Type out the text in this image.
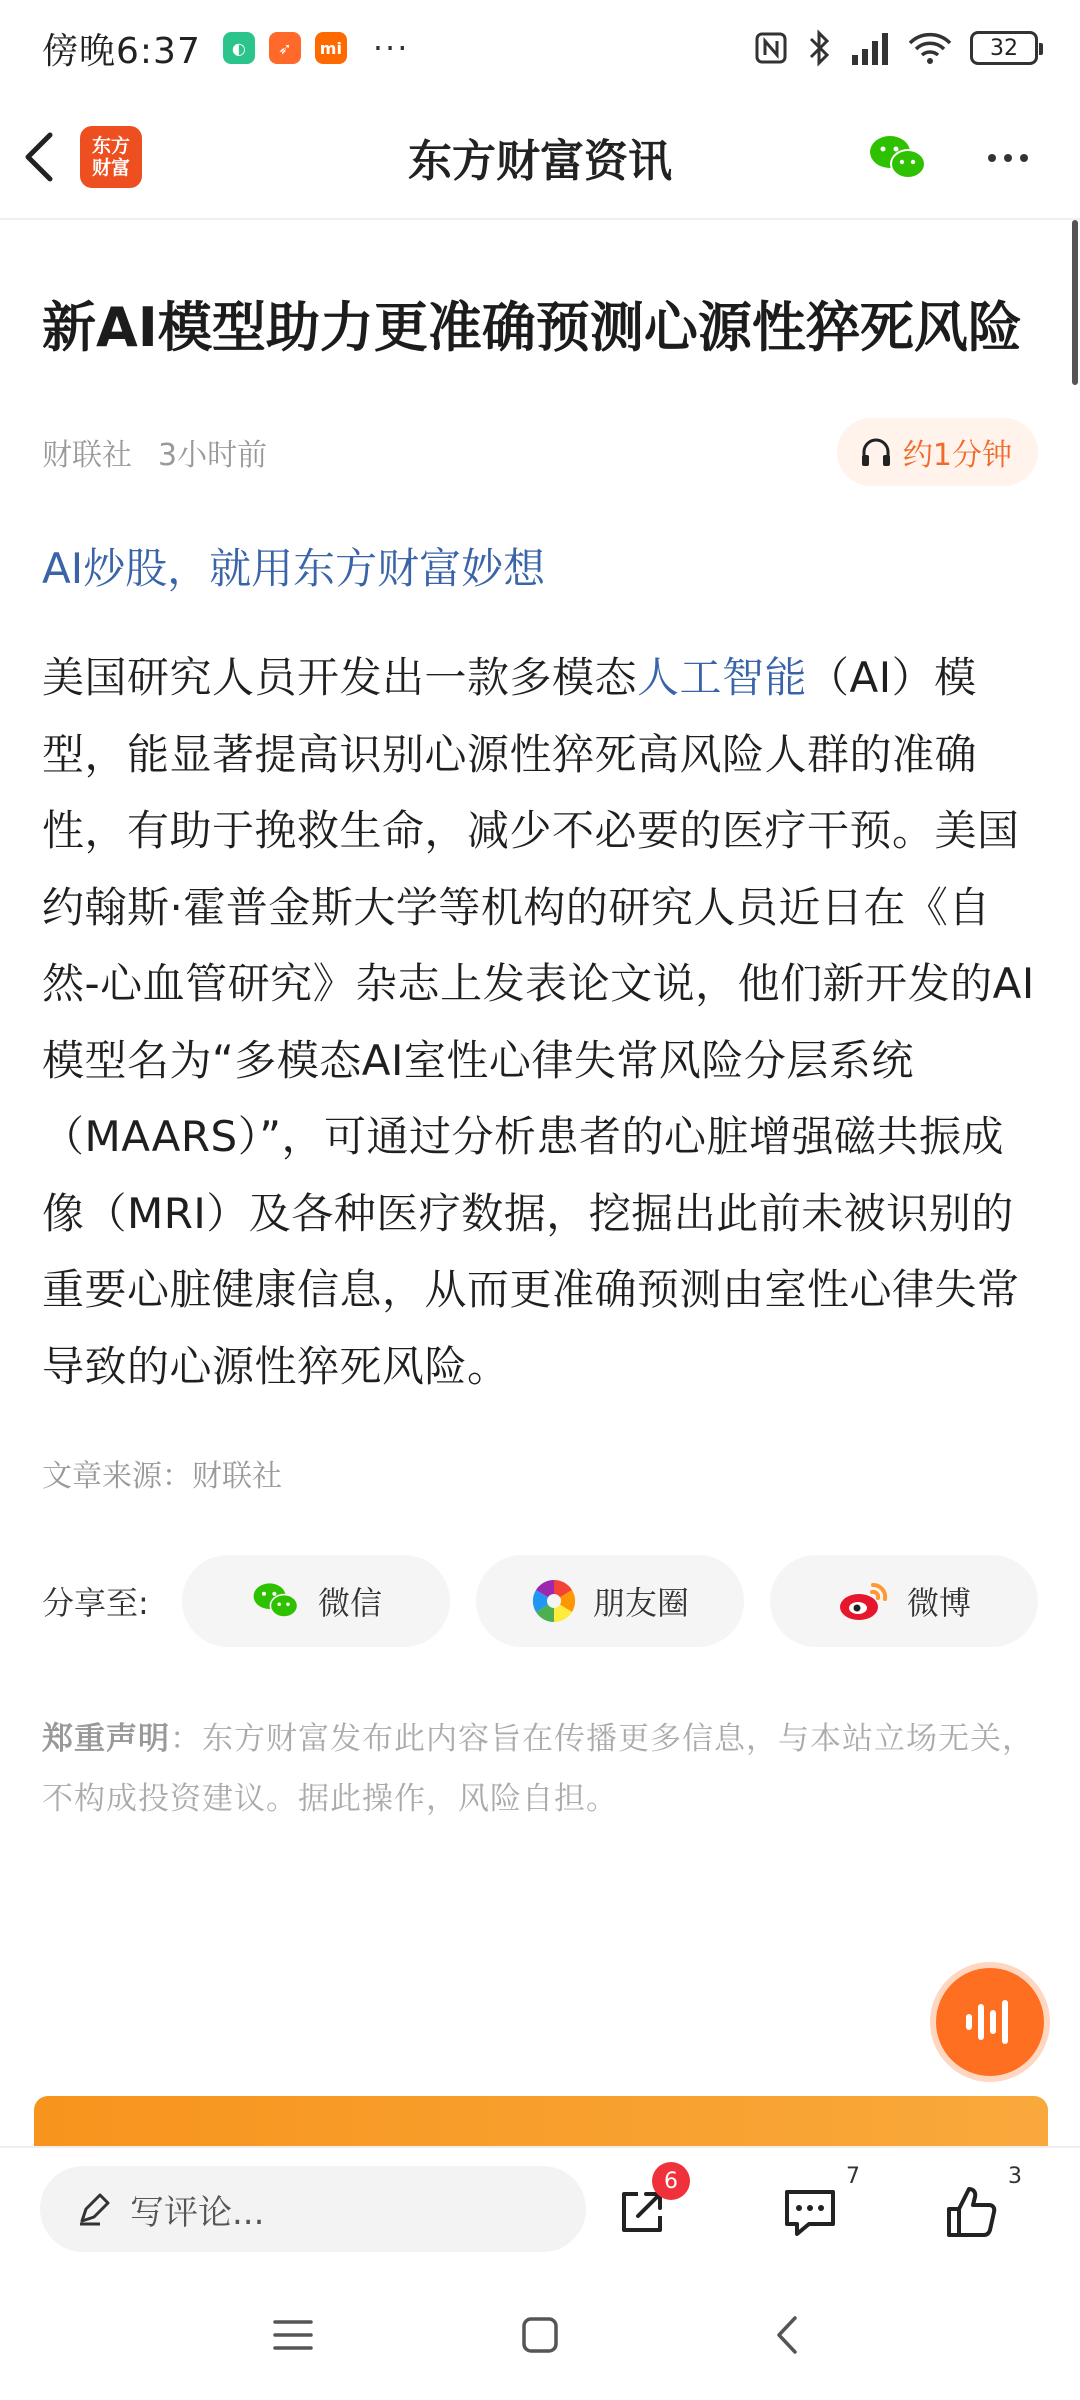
傍晚6:37	◐	➶	mi ···	32
东方
财富	东方财富资讯
新AI模型助力更准确预测心源性猝死风险
财联社 3小时前	约1分钟
AI炒股，就用东方财富妙想

美国研究人员开发出一款多模态人工智能（AI）模型，能显著提高识别心源性猝死高风险人群的准确性，有助于挽救生命，减少不必要的医疗干预。美国约翰斯·霍普金斯大学等机构的研究人员近日在《自然-心血管研究》杂志上发表论文说，他们新开发的AI模型名为“多模态AI室性心律失常风险分层系统（MAARS）”，可通过分析患者的心脏增强磁共振成像（MRI）及各种医疗数据，挖掘出此前未被识别的重要心脏健康信息，从而更准确预测由室性心律失常导致的心源性猝死风险。

文章来源：财联社
分享至:	微信	朋友圈	微博

郑重声明：东方财富发布此内容旨在传播更多信息，与本站立场无关，不构成投资建议。据此操作，风险自担。

写评论...
6	7	3
